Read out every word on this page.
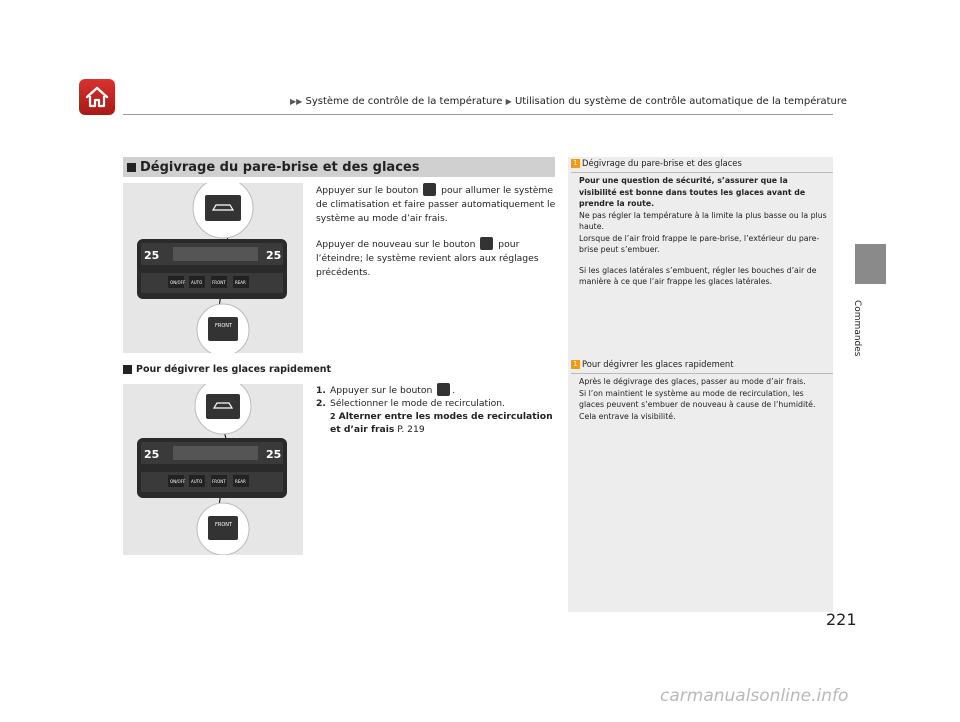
▶▶ Système de contrôle de la température ▶ Utilisation du système de contrôle automatique de la température
Commandes
Dégivrage du pare-brise et des glaces
25	25
ON/OFF AUTO FRONT REAR
FRONT
Appuyer sur le bouton pour allumer le système de climatisation et faire passer automatiquement le système au mode d’air frais.
Appuyer de nouveau sur le bouton pour l’éteindre; le système revient alors aux réglages précédents.
Pour dégivrer les glaces rapidement
25	25
ON/OFF AUTO FRONT REAR
FRONT
1. Appuyer sur le bouton .
2. Sélectionner le mode de recirculation.
2 Alterner entre les modes de recirculation et d’air frais P. 219
1 Dégivrage du pare-brise et des glaces
Pour une question de sécurité, s’assurer que la visibilité est bonne dans toutes les glaces avant de prendre la route.
Ne pas régler la température à la limite la plus basse ou la plus haute.
Lorsque de l’air froid frappe le pare-brise, l’extérieur du pare-brise peut s’embuer.
Si les glaces latérales s’embuent, régler les bouches d’air de manière à ce que l’air frappe les glaces latérales.
1 Pour dégivrer les glaces rapidement
Après le dégivrage des glaces, passer au mode d’air frais.
Si l’on maintient le système au mode de recirculation, les glaces peuvent s’embuer de nouveau à cause de l’humidité. Cela entrave la visibilité.
221
carmanualsonline.info
